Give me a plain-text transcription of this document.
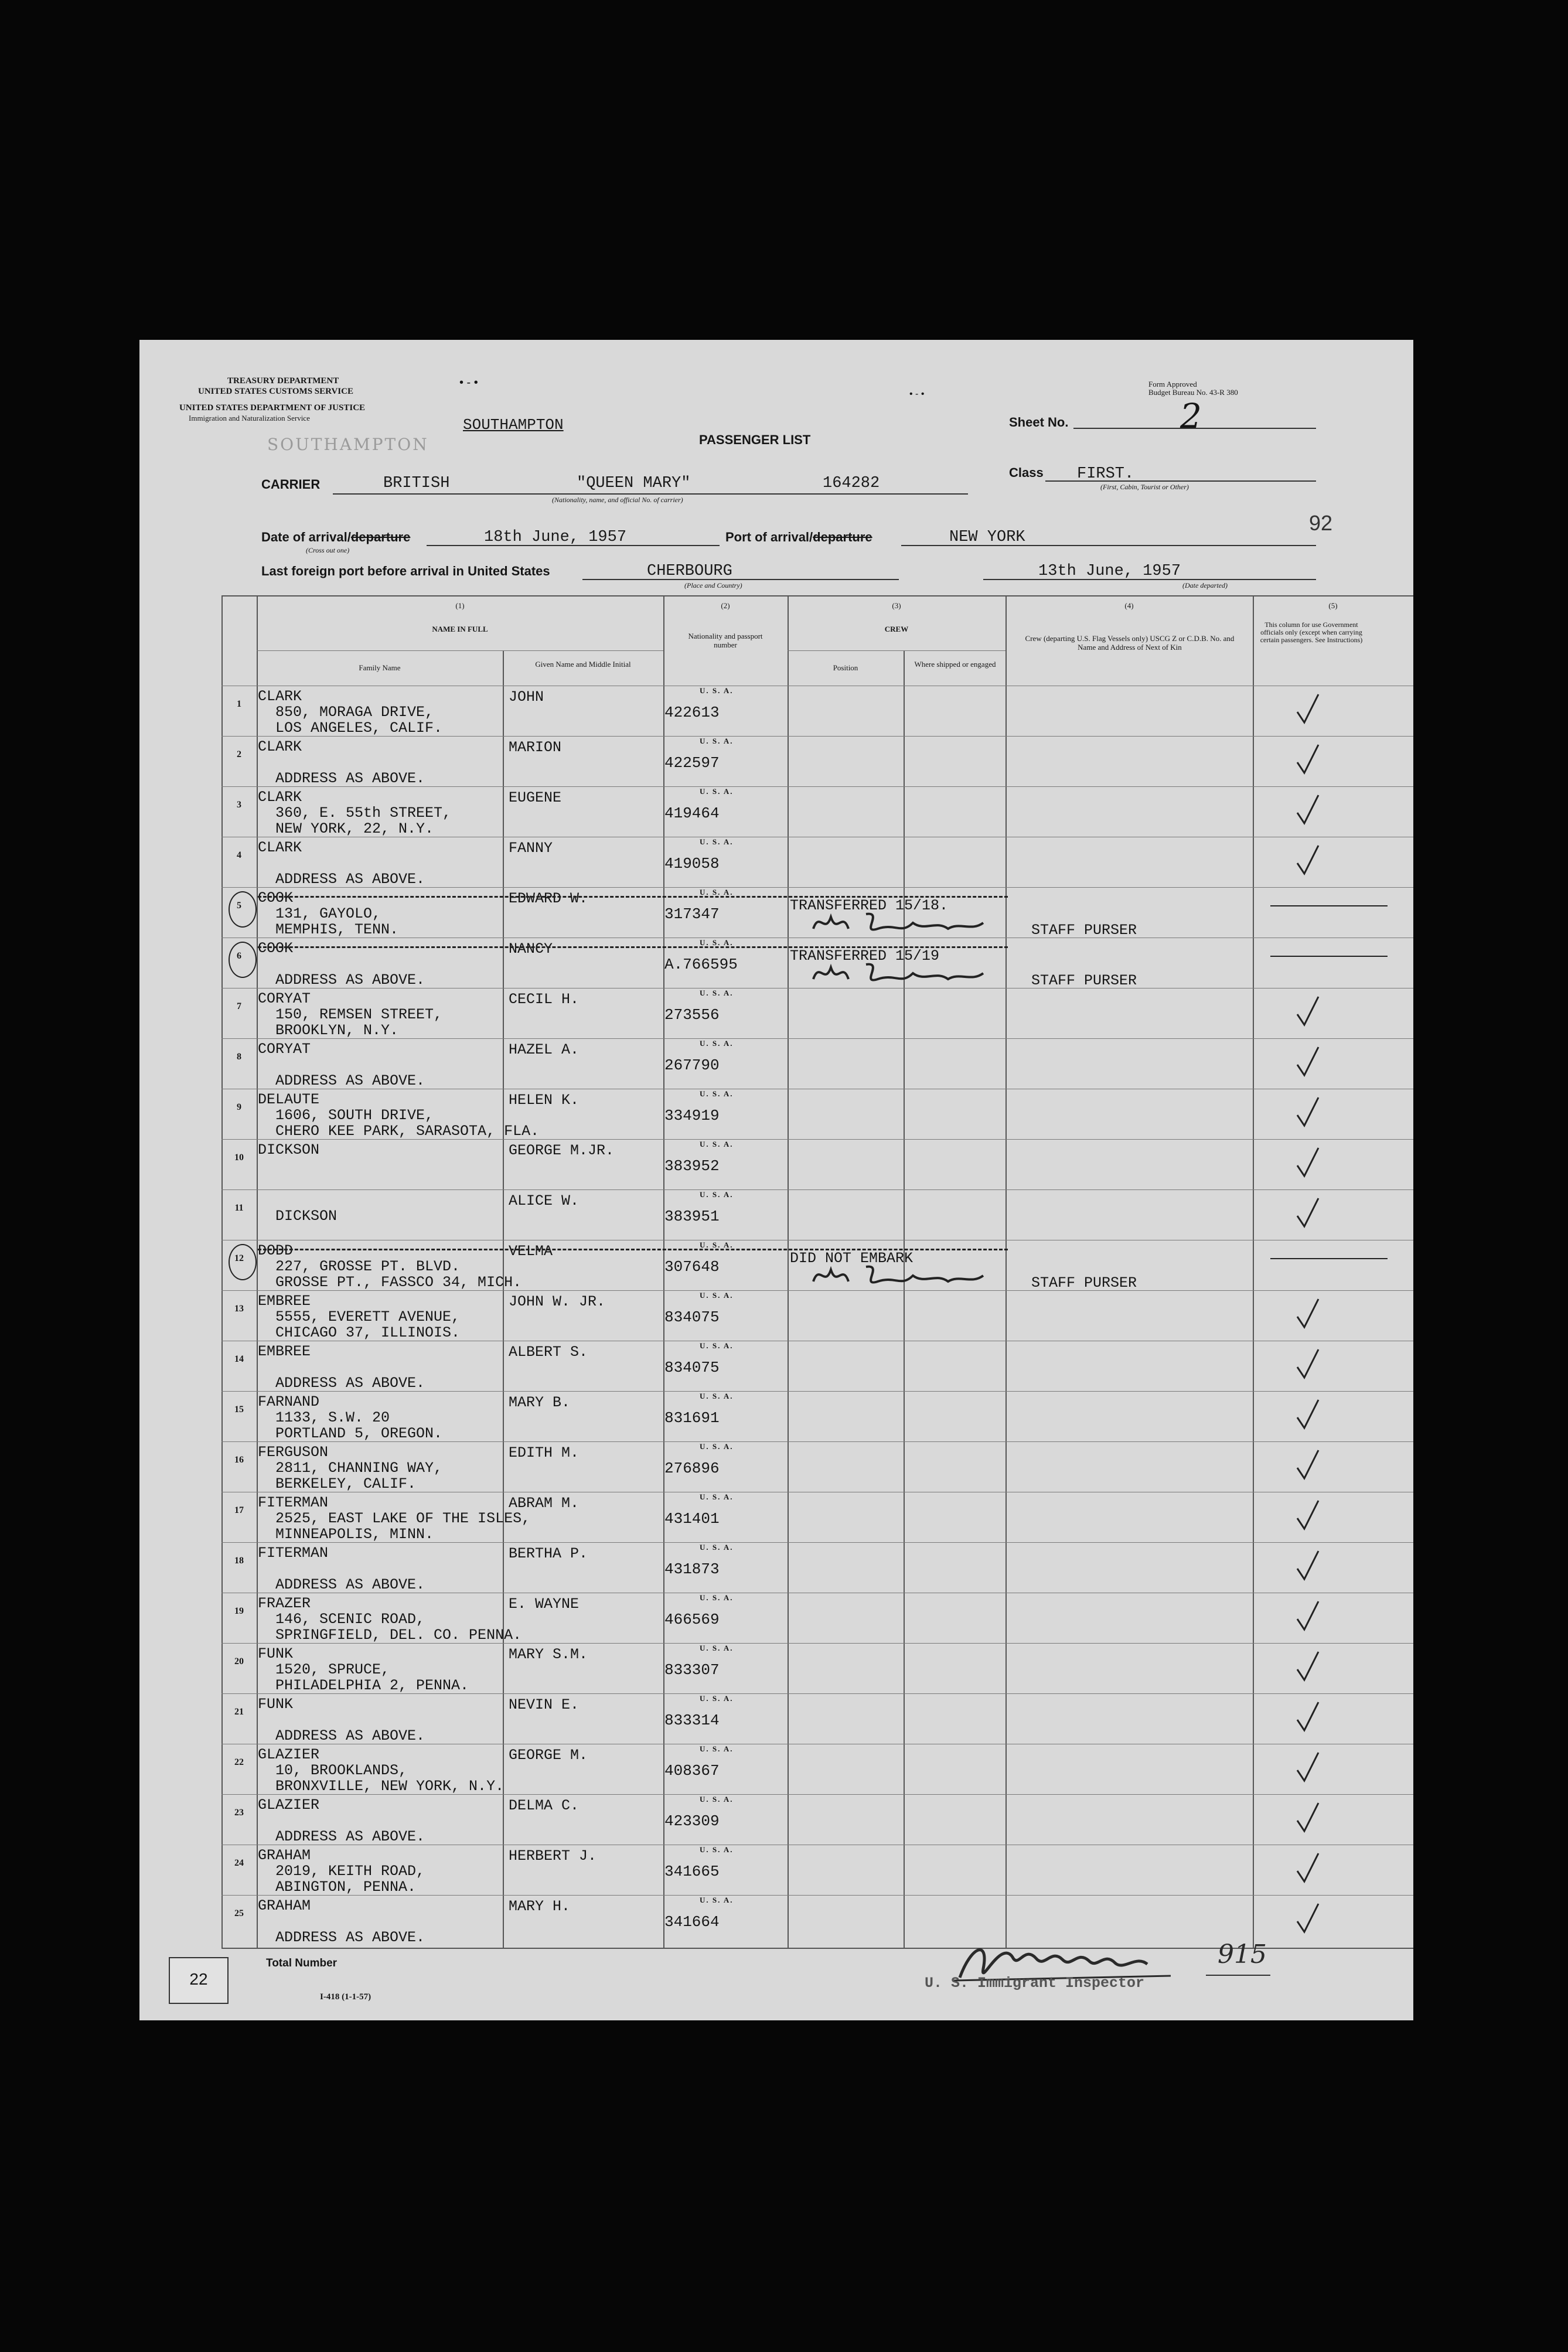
TREASURY DEPARTMENT
UNITED STATES CUSTOMS SERVICE
UNITED STATES DEPARTMENT OF JUSTICE
Immigration and Naturalization Service
• ‑ •
SOUTHAMPTON
SOUTHAMPTON
• ‑ •
Form Approved
Budget Bureau No. 43-R 380
PASSENGER LIST
Sheet No.	2
Class FIRST.
(First, Cabin, Tourist or Other)
CARRIER	BRITISH	"QUEEN MARY"	164282
(Nationality, name, and official No. of carrier)
92
Date of arrival/departure
(Cross out one)
18th June, 1957	Port of arrival/departure	NEW YORK
Last foreign port before arrival in United States	CHERBOURG
(Place and Country)
13th June, 1957
(Date departed)
(1)
NAME IN FULL
Family Name	Given Name and Middle Initial
(2)
Nationality and passport number
(3)
CREW
Position	Where shipped or engaged
(4)
Crew (departing U.S. Flag Vessels only) USCG Z or C.D.B. No. and Name and Address of Next of Kin
(5)
This column for use Government officials only (except when carrying certain passengers. See Instructions)
1	CLARK
850, MORAGA DRIVE,
LOS ANGELES, CALIF.
JOHN	U. S. A.
422613
2	CLARK

ADDRESS AS ABOVE.
MARION	U. S. A.
422597
3	CLARK
360, E. 55th STREET,
NEW YORK, 22, N.Y.
EUGENE	U. S. A.
419464
4	CLARK

ADDRESS AS ABOVE.
FANNY	U. S. A.
419058
5	COOK
131, GAYOLO,
MEMPHIS, TENN.
EDWARD W.	U. S. A.
317347	TRANSFERRED 15/18.
STAFF PURSER
6	COOK

ADDRESS AS ABOVE.
NANCY	U. S. A.
A.766595	TRANSFERRED 15/19
STAFF PURSER
7	CORYAT
150, REMSEN STREET,
BROOKLYN, N.Y.
CECIL H.	U. S. A.
273556
8	CORYAT

ADDRESS AS ABOVE.
HAZEL A.	U. S. A.
267790
9	DELAUTE
1606, SOUTH DRIVE,
CHERO KEE PARK, SARASOTA, FLA.
HELEN K.	U. S. A.
334919
10 DICKSON	GEORGE M.JR.	U. S. A.
383952
11	
DICKSON
ALICE W.	U. S. A.
383951
12 DODD
227, GROSSE PT. BLVD.
GROSSE PT., FASSCO 34, MICH.
VELMA	U. S. A.
307648	DID NOT EMBARK
STAFF PURSER
13 EMBREE
5555, EVERETT AVENUE,
CHICAGO 37, ILLINOIS.
JOHN W. JR.	U. S. A.
834075
14 EMBREE

ADDRESS AS ABOVE.
ALBERT S.	U. S. A.
834075
15 FARNAND
1133, S.W. 20
PORTLAND 5, OREGON.
MARY B.	U. S. A.
831691
16 FERGUSON
2811, CHANNING WAY,
BERKELEY, CALIF.
EDITH M.	U. S. A.
276896
17 FITERMAN
2525, EAST LAKE OF THE ISLES,
MINNEAPOLIS, MINN.
ABRAM M.	U. S. A.
431401
18 FITERMAN

ADDRESS AS ABOVE.
BERTHA P.	U. S. A.
431873
19 FRAZER
146, SCENIC ROAD,
SPRINGFIELD, DEL. CO. PENNA.
E. WAYNE	U. S. A.
466569
20 FUNK
1520, SPRUCE,
PHILADELPHIA 2, PENNA.
MARY S.M.	U. S. A.
833307
21 FUNK

ADDRESS AS ABOVE.
NEVIN E.	U. S. A.
833314
22 GLAZIER
10, BROOKLANDS,
BRONXVILLE, NEW YORK, N.Y.
GEORGE M.	U. S. A.
408367
23 GLAZIER

ADDRESS AS ABOVE.
DELMA C.	U. S. A.
423309
24 GRAHAM
2019, KEITH ROAD,
ABINGTON, PENNA.
HERBERT J.	U. S. A.
341665
25 GRAHAM

ADDRESS AS ABOVE.
MARY H.	U. S. A.
341664
22
Total Number
I-418 (1-1-57)
915
U. S. Immigrant Inspector
